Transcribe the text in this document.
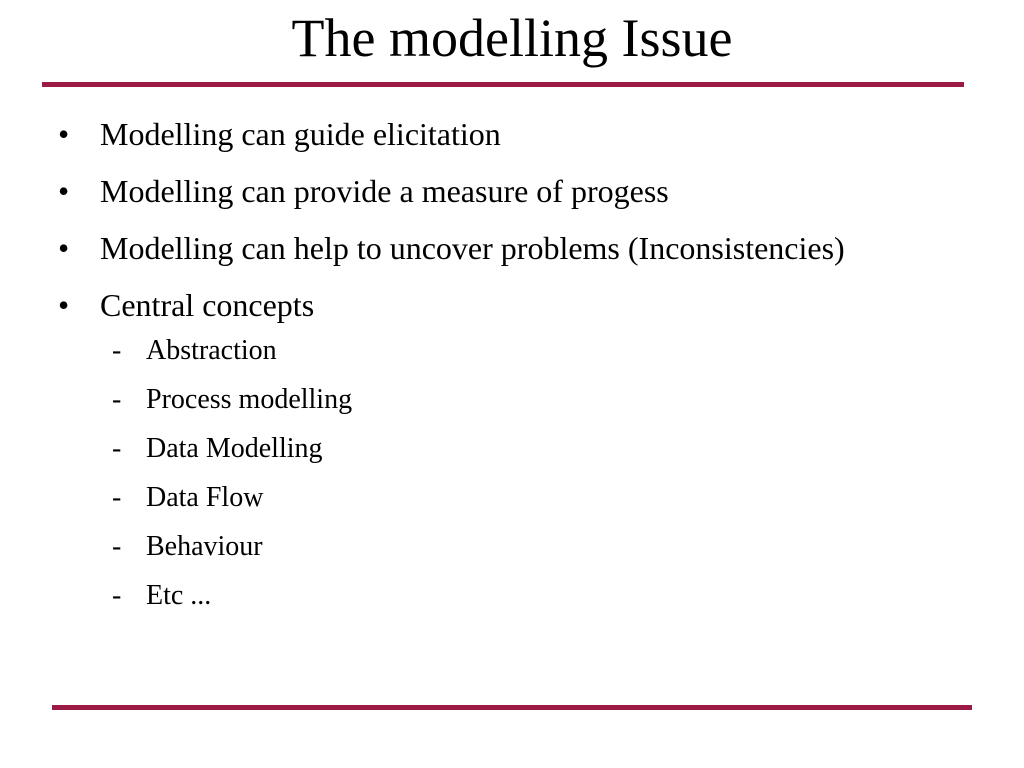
The modelling Issue
• Modelling can guide elicitation
• Modelling can provide a measure of progess
• Modelling can help to uncover problems (Inconsistencies)
• Central concepts
- Abstraction
- Process modelling
- Data Modelling
- Data Flow
- Behaviour
- Etc ...
